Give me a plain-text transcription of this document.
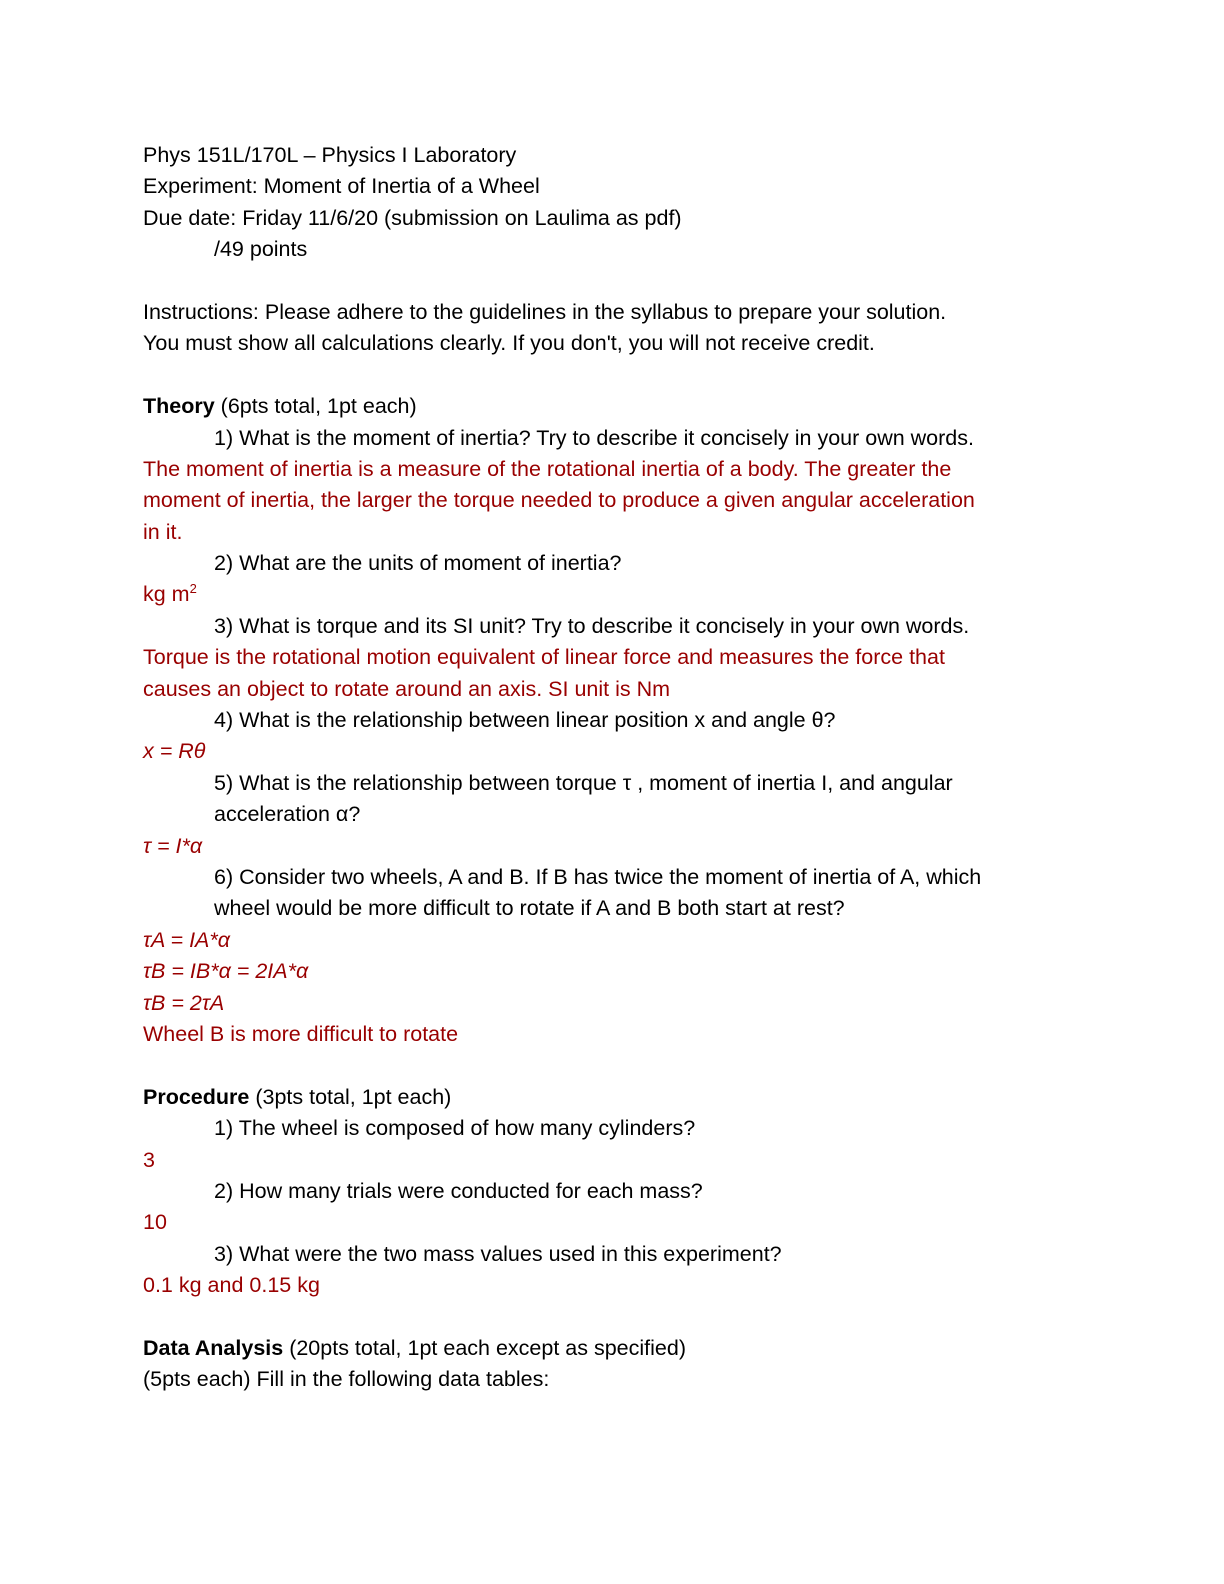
Phys 151L/170L – Physics I Laboratory
Experiment: Moment of Inertia of a Wheel
Due date: Friday 11/6/20 (submission on Laulima as pdf)
/49 points
Instructions: Please adhere to the guidelines in the syllabus to prepare your solution.
You must show all calculations clearly. If you don't, you will not receive credit.
Theory (6pts total, 1pt each)
1) What is the moment of inertia? Try to describe it concisely in your own words.
The moment of inertia is a measure of the rotational inertia of a body. The greater the
moment of inertia, the larger the torque needed to produce a given angular acceleration
in it.
2) What are the units of moment of inertia?
kg $m^2$
3) What is torque and its SI unit? Try to describe it concisely in your own words.
Torque is the rotational motion equivalent of linear force and measures the force that
causes an object to rotate around an axis. SI unit is Nm
4) What is the relationship between linear position x and angle θ?
x = Rθ
5) What is the relationship between torque τ , moment of inertia I, and angular
acceleration α?
τ = I*α
6) Consider two wheels, A and B. If B has twice the moment of inertia of A, which
wheel would be more difficult to rotate if A and B both start at rest?
τA = IA*α
τB = IB*α = 2IA*α
τB = 2τA
Wheel B is more difficult to rotate
Procedure (3pts total, 1pt each)
1) The wheel is composed of how many cylinders?
3
2) How many trials were conducted for each mass?
10
3) What were the two mass values used in this experiment?
0.1 kg and 0.15 kg
Data Analysis (20pts total, 1pt each except as specified)
(5pts each) Fill in the following data tables:
